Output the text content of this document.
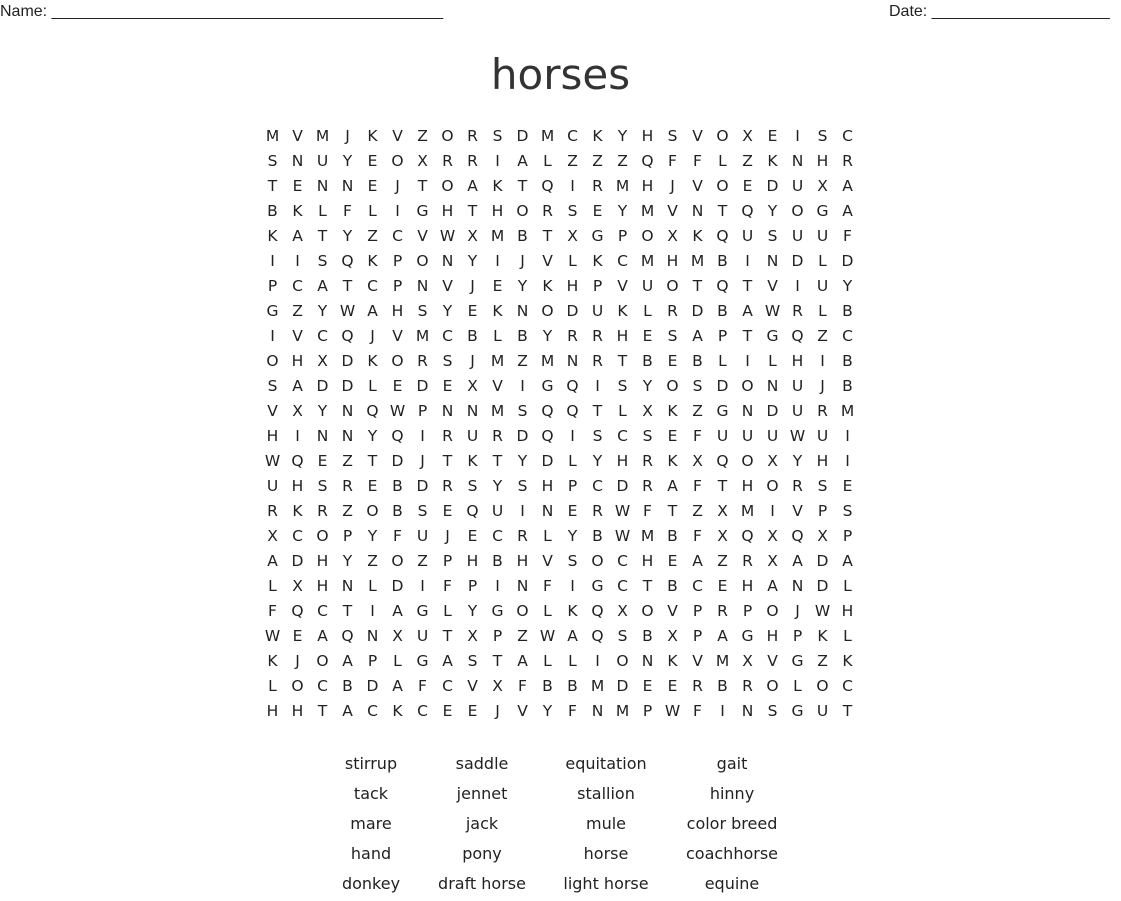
Name: ____________________________________________	Date: ____________________
horses
M V M	J	K V Z O R S D M C K Y H S V O X E	I	S C
S N U Y E O X R R	I	A L Z Z Z Q F	F	L Z K N H R
T E N N E	J	T O A K T Q	I	R M H	J	V O E D U X A
B K	L	F	L	I	G H T H O R S E Y M V N T Q Y O G A
K A T	Y Z C V W X M B T X G P O X K Q U S U U F
I	I	S Q K P O N Y	I	J	V L	K C M H M B	I	N D L D
P C A T C P N V	J	E Y K H P V U O T Q T V	I	U Y
G Z Y W A H S Y E K N O D U K	L R D B A W R L B
I	V C Q	J	V M C B L B Y R R H E S A P	T G Q Z C
O H X D K O R S	J	M Z M N R T B E B L	I	L H	I	B
S A D D L	E D E X V	I	G Q	I	S Y O S D O N U	J	B
V X Y N Q W P N N M S Q Q T	L X K Z G N D U R M
H	I	N N Y Q	I	R U R D Q	I	S C S E	F U U U W U	I
W Q E Z T D	J	T K T	Y D L	Y H R K X Q O X Y H	I
U H S R E B D R S Y S H P C D R A F	T H O R S E
R K R Z O B S E Q U	I	N E R W F	T Z X M	I	V P S
X C O P	Y	F U	J	E C R L	Y B W M B F X Q X Q X P
A D H Y Z O Z P H B H V S O C H E A Z R X A D A
L X H N L D	I	F	P	I	N F	I	G C T B C E H A N D L
F Q C T	I	A G L	Y G O L	K Q X O V P R P O	J W H
W E A Q N X U T X P Z W A Q S B X P A G H P K	L
K	J	O A P	L G A S T A L	L	I	O N K V M X V G Z K
L O C B D A F C V X F B B M D E E R B R O L O C
H H T A C K C E E	J	V Y	F N M P W F	I	N S G U T
stirrup	saddle	equitation	gait
tack	jennet	stallion	hinny
mare	jack	mule	color breed
hand	pony	horse	coachhorse
donkey	draft horse	light horse	equine
